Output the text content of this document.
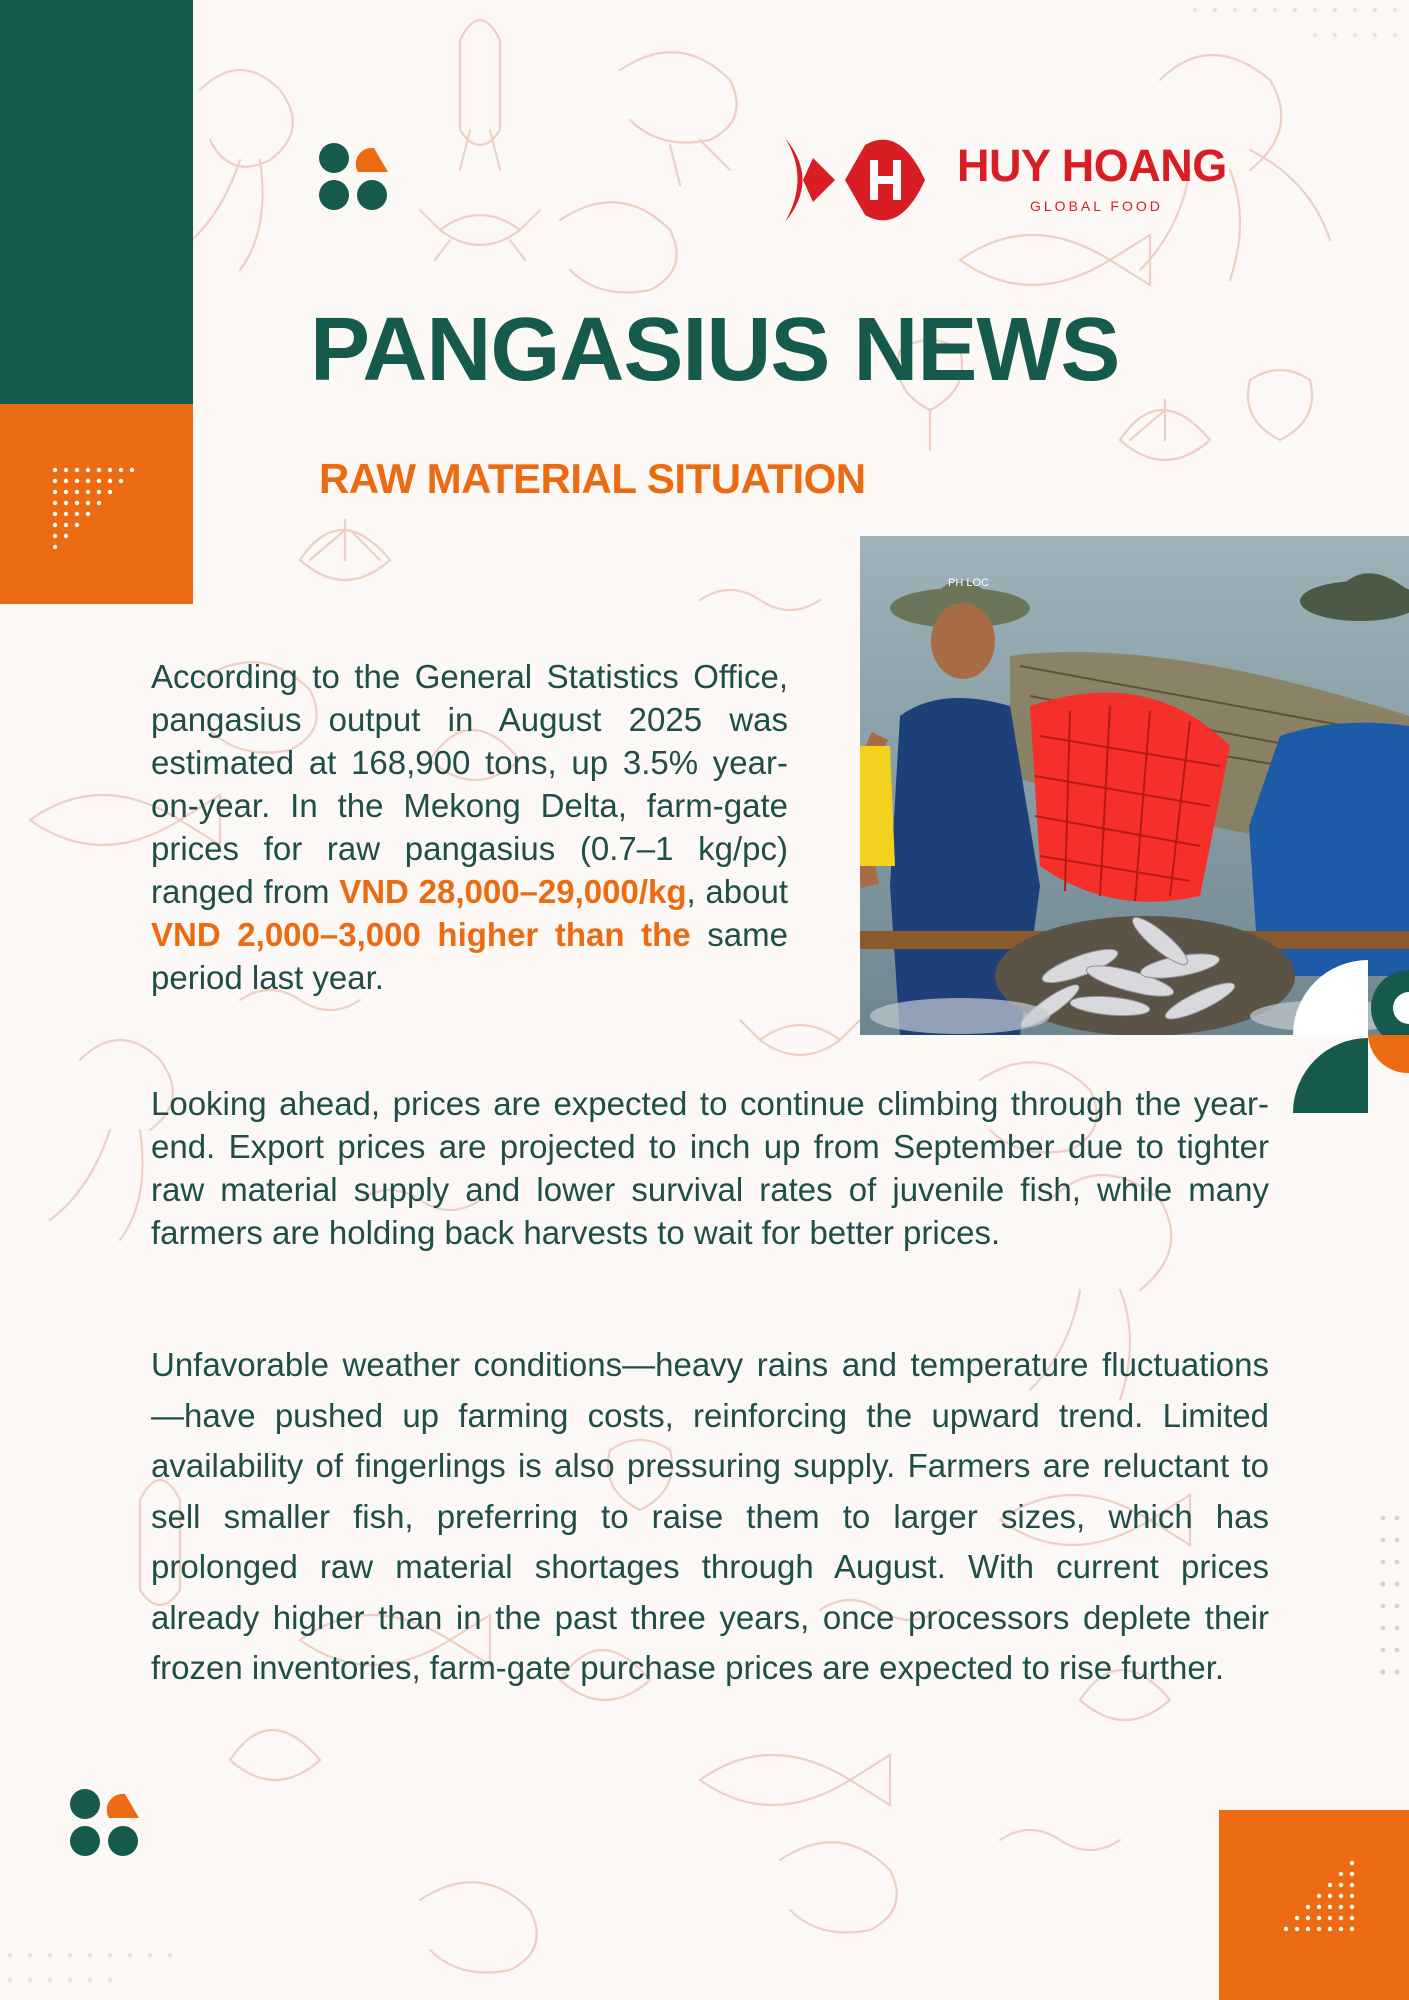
HUY HOANG
GLOBAL FOOD
PANGASIUS NEWS
RAW MATERIAL SITUATION
PH LOC
According to the General Statistics Office, pangasius output in August 2025 was estimated at 168,900 tons, up 3.5% year-on-year. In the Mekong Delta, farm-gate prices for raw pangasius (0.7–1 kg/pc) ranged from VND 28,000–29,000/kg, about VND 2,000–3,000 higher than the same period last year.
Looking ahead, prices are expected to continue climbing through the year-end. Export prices are projected to inch up from September due to tighter raw material supply and lower survival rates of juvenile fish, while many farmers are holding back harvests to wait for better prices.
Unfavorable weather conditions—heavy rains and temperature fluctuations—have pushed up farming costs, reinforcing the upward trend. Limited availability of fingerlings is also pressuring supply. Farmers are reluctant to sell smaller fish, preferring to raise them to larger sizes, which has prolonged raw material shortages through August. With current prices already higher than in the past three years, once processors deplete their frozen inventories, farm-gate purchase prices are expected to rise further.
